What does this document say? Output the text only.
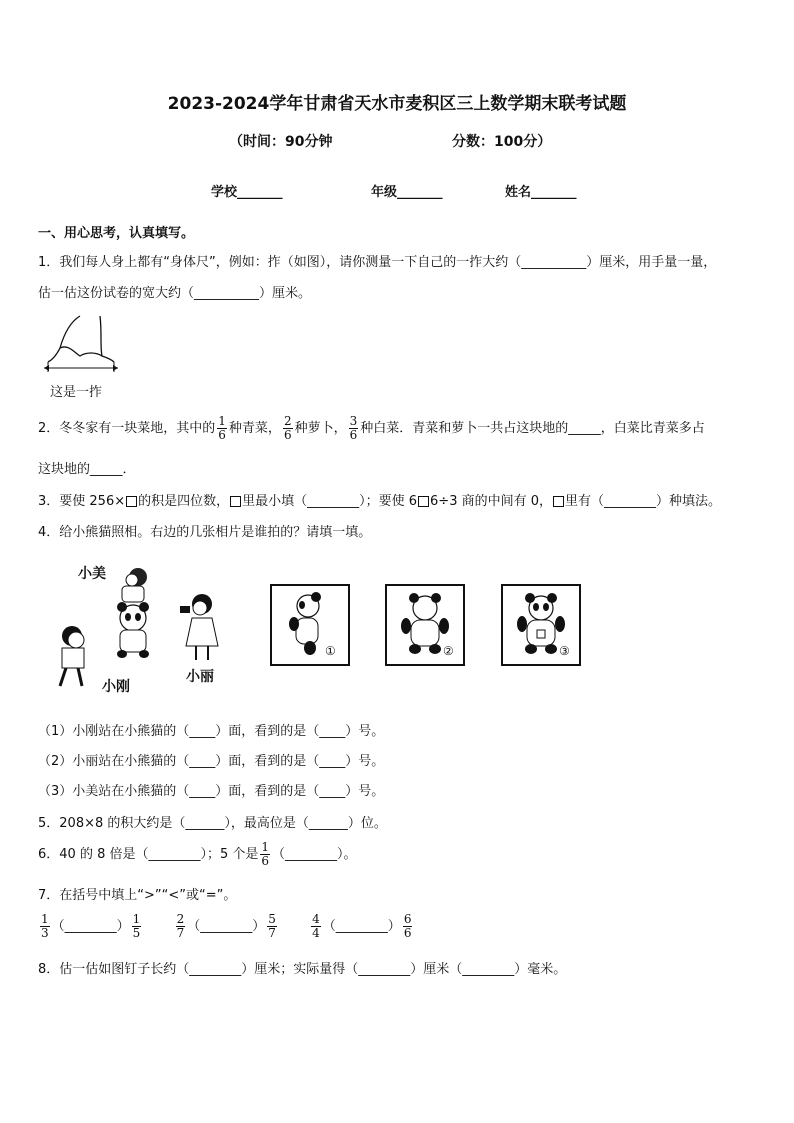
2023-2024学年甘肃省天水市麦积区三上数学期末联考试题
（时间：90分钟	分数：100分）
学校_______	年级_______	姓名_______
一、用心思考，认真填写。
1．我们每人身上都有“身体尺”，例如：拃（如图），请你测量一下自己的一拃大约（__________）厘米，用手量一量，
估一估这份试卷的宽大约（__________）厘米。
这是一拃
2．冬冬家有一块菜地，其中的 $\frac{1}{6}$ 种青菜， $\frac{2}{6}$ 种萝卜， $\frac{3}{6}$ 种白菜．青菜和萝卜一共占这块地的_____，白菜比青菜多占
这块地的_____．
3．要使 256× 的积是四位数， 里最小填（________）；要使 6 6÷3 商的中间有 0， 里有（________）种填法。
4．给小熊猫照相。右边的几张相片是谁拍的？请填一填。
小美
小刚
小丽
①	②	③
（1）小刚站在小熊猫的（____）面，看到的是（____）号。
（2）小丽站在小熊猫的（____）面，看到的是（____）号。
（3）小美站在小熊猫的（____）面，看到的是（____）号。
5．208×8 的积大约是（______），最高位是（______）位。
6．40 的 8 倍是（________）；5 个是 $\frac{1}{6}$ （________）。
7．在括号中填上“>”“<”或“=”。
$\frac{1}{3}$ （________） $\frac{1}{5}$
	$\frac{2}{7}$ （________） $\frac{5}{7}$
	$\frac{4}{4}$ （________） $\frac{6}{6}$
8．估一估如图钉子长约（________）厘米；实际量得（________）厘米（________）毫米。
